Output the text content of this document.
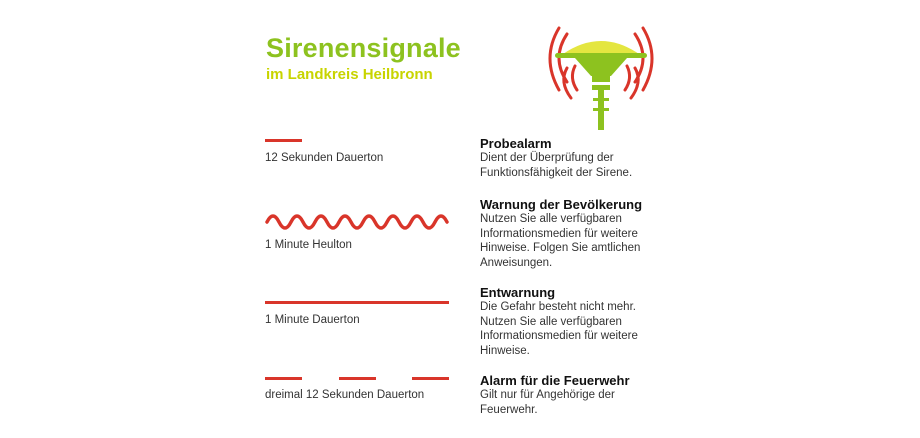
Sirenensignale
im Landkreis Heilbronn
12 Sekunden Dauerton
Probealarm
Dient der Überprüfung der
Funktionsfähigkeit der Sirene.
1 Minute Heulton
Warnung der Bevölkerung
Nutzen Sie alle verfügbaren
Informationsmedien für weitere
Hinweise. Folgen Sie amtlichen
Anweisungen.
1 Minute Dauerton
Entwarnung
Die Gefahr besteht nicht mehr.
Nutzen Sie alle verfügbaren
Informationsmedien für weitere
Hinweise.
dreimal 12 Sekunden Dauerton
Alarm für die Feuerwehr
Gilt nur für Angehörige der
Feuerwehr.
